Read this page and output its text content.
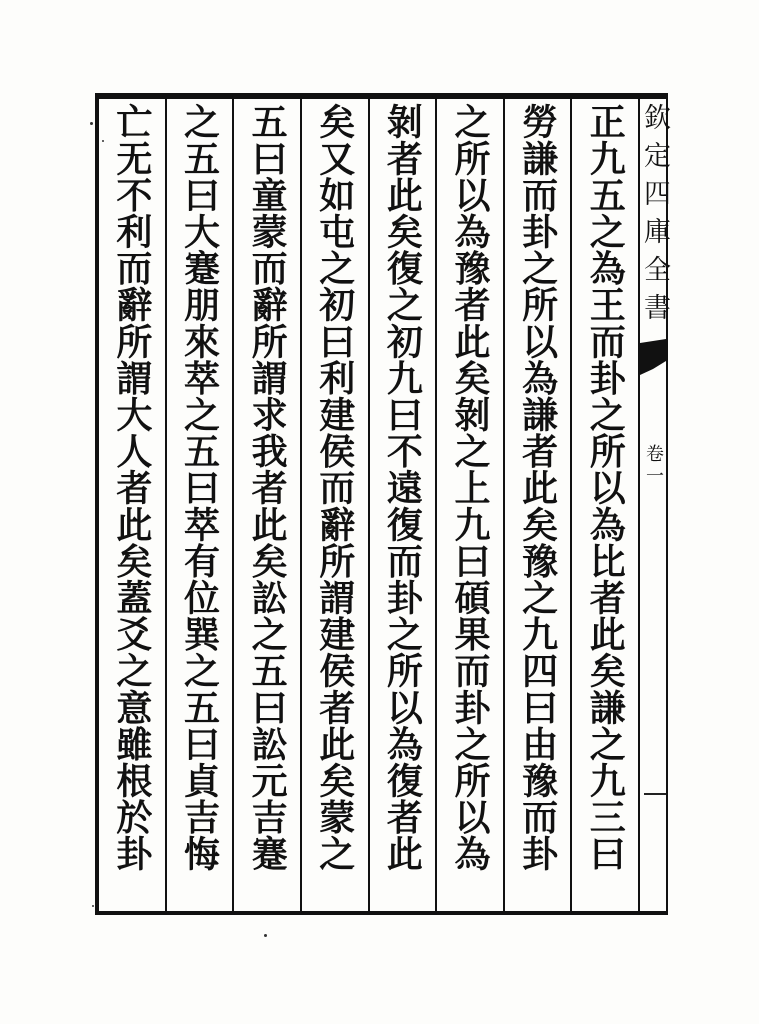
欽定四庫全書
卷一
正九五之為王而卦之所以為比者此矣謙之九三曰
勞謙而卦之所以為謙者此矣豫之九四曰由豫而卦
之所以為豫者此矣剝之上九曰碩果而卦之所以為
剝者此矣復之初九曰不遠復而卦之所以為復者此
矣又如屯之初曰利建侯而辭所謂建侯者此矣蒙之
五曰童蒙而辭所謂求我者此矣訟之五曰訟元吉蹇
之五曰大蹇朋來萃之五曰萃有位巽之五曰貞吉悔
亡无不利而辭所謂大人者此矣蓋爻之意雖根於卦
